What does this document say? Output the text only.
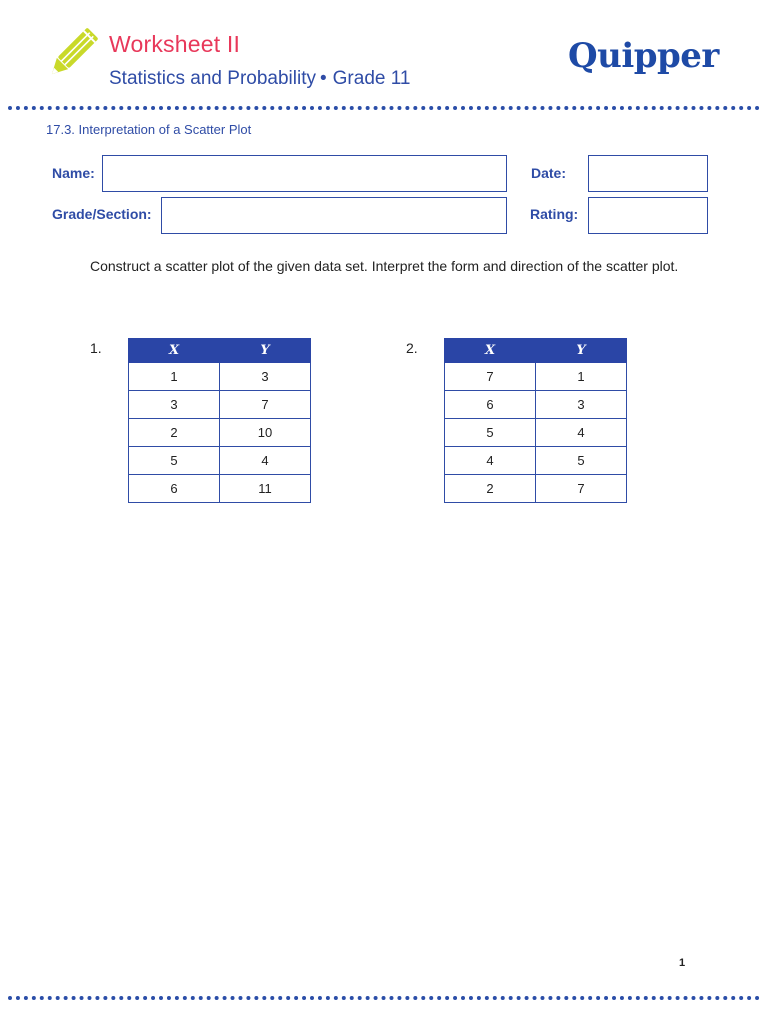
Worksheet II
Statistics and Probability • Grade 11
Quipper
17.3. Interpretation of a Scatter Plot
Name:	Date:
Grade/Section:	Rating:
Construct a scatter plot of the given data set. Interpret the form and direction of the scatter plot.
1.	X	Y
1	3
3	7
2	10
5	4
6	11
2.	X	Y
7	1
6	3
5	4
4	5
2	7
1
